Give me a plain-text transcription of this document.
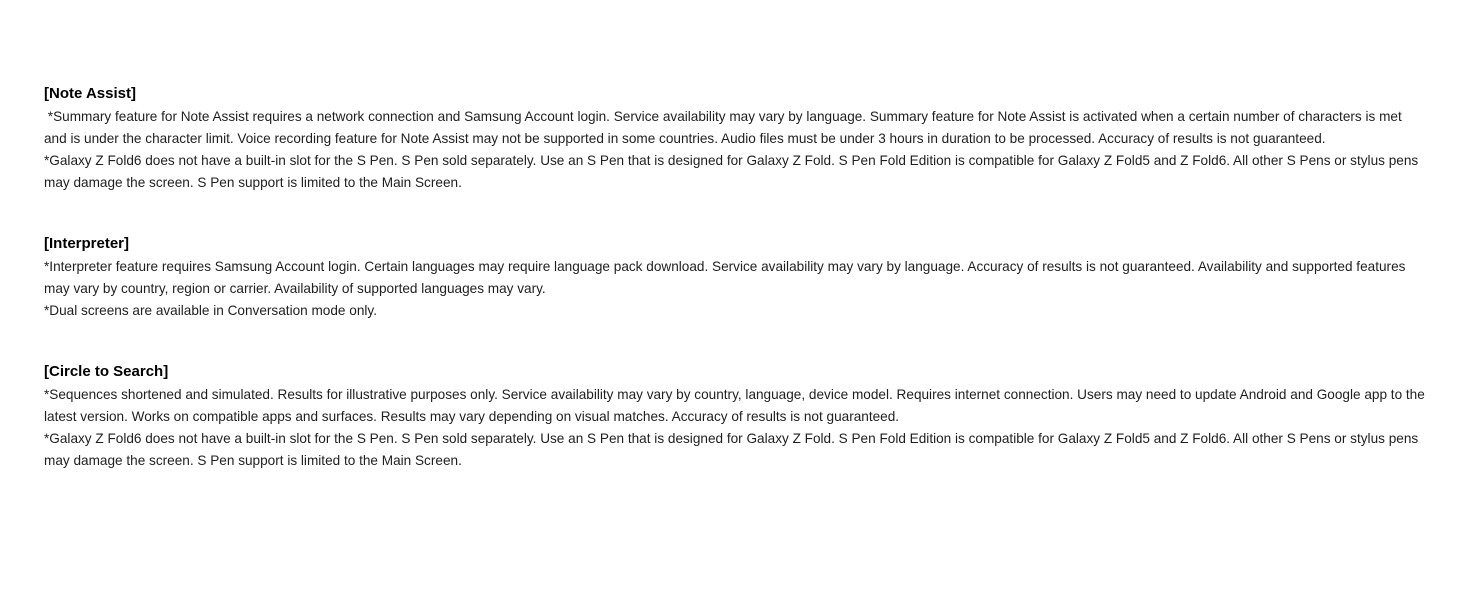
[Note Assist]

*Summary feature for Note Assist requires a network connection and Samsung Account login. Service availability may vary by language. Summary feature for Note Assist is activated when a certain number of characters is met and is under the character limit. Voice recording feature for Note Assist may not be supported in some countries. Audio files must be under 3 hours in duration to be processed. Accuracy of results is not guaranteed.

*Galaxy Z Fold6 does not have a built-in slot for the S Pen. S Pen sold separately. Use an S Pen that is designed for Galaxy Z Fold. S Pen Fold Edition is compatible for Galaxy Z Fold5 and Z Fold6. All other S Pens or stylus pens may damage the screen. S Pen support is limited to the Main Screen.

[Interpreter]

*Interpreter feature requires Samsung Account login. Certain languages may require language pack download. Service availability may vary by language. Accuracy of results is not guaranteed. Availability and supported features may vary by country, region or carrier. Availability of supported languages may vary.

*Dual screens are available in Conversation mode only.

[Circle to Search]

*Sequences shortened and simulated. Results for illustrative purposes only. Service availability may vary by country, language, device model. Requires internet connection. Users may need to update Android and Google app to the latest version. Works on compatible apps and surfaces. Results may vary depending on visual matches. Accuracy of results is not guaranteed.

*Galaxy Z Fold6 does not have a built-in slot for the S Pen. S Pen sold separately. Use an S Pen that is designed for Galaxy Z Fold. S Pen Fold Edition is compatible for Galaxy Z Fold5 and Z Fold6. All other S Pens or stylus pens may damage the screen. S Pen support is limited to the Main Screen.
